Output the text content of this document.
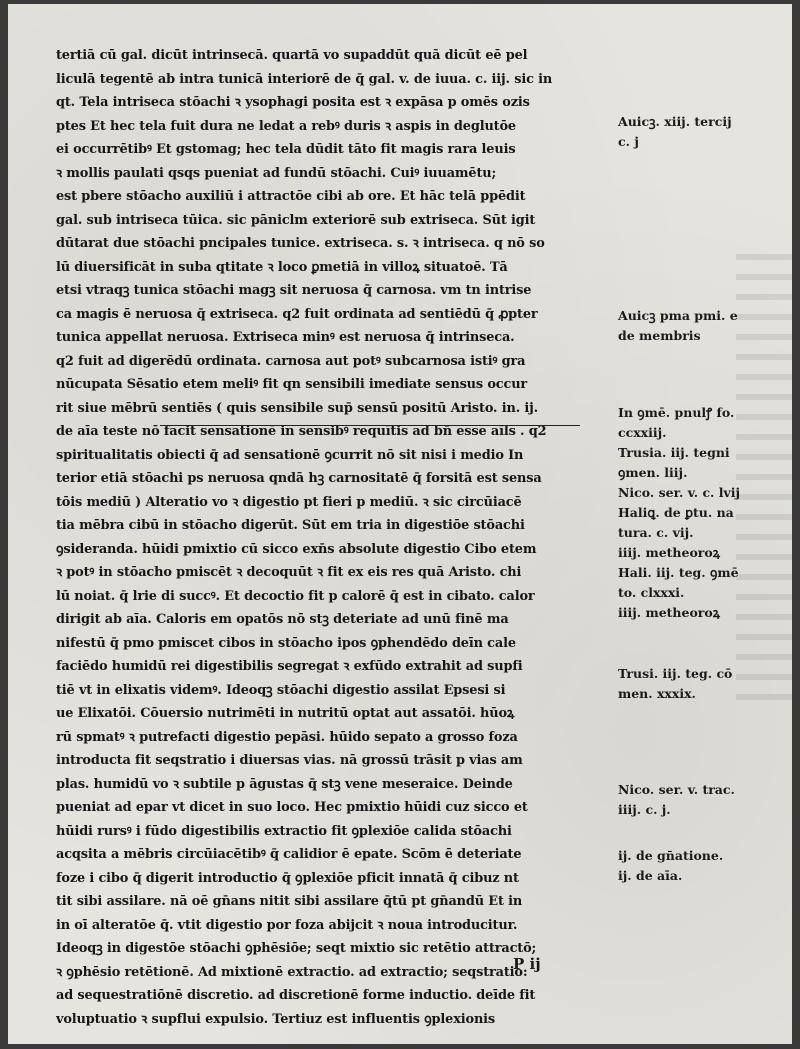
tertiā cū gal. dicūt intrinsecā. quartā vo supaddūt quā dicūt eē pel
liculā tegentē ab intra tunicā interiorē de q̄ gal. v. de iuua. c. iij. sic in
qt. Tela intriseca stōachi ꝛ ysophagi posita est ꝛ expāsa p omēs ozis
ptes Et hec tela fuit dura ne ledat a rebꝰ duris ꝛ aspis in deglutōe
ei occurrētibꝰ Et gstomag; hec tela dūdit tāto fit magis rara leuis
ꝛ mollis paulati qsqs pueniat ad fundū stōachi. Cuiꝰ iuuamētu;
est pbere stōacho auxiliū i attractōe cibi ab ore. Et hāc telā ppēdit
gal. sub intriseca tūica. sic pāniclm exteriorē sub extriseca. Sūt igit
dūtarat due stōachi pncipales tunice. extriseca. s. ꝛ intriseca. q nō so
lū diuersificāt in suba qtitate ꝛ loco ꝑmetiā in villoꝝ situatoē. Tā
etsi vtraqꝫ tunica stōachi magꝫ sit neruosa q̄ carnosa. vm tn intrise
ca magis ē neruosa q̄ extriseca. q2 fuit ordinata ad sentiēdū q̄ ꝓpter
tunica appellat neruosa. Extriseca minꝰ est neruosa q̄ intrinseca.
q2 fuit ad digerēdū ordinata. carnosa aut potꝰ subcarnosa istiꝰ gra
nūcupata Sēsatio etem meliꝰ fit qn sensibili imediate sensus occur
rit siue mēbrū sentiēs ( quis sensibile sup̄ sensū positū Aristo. in. ij.
de aīa teste nō facit sensationē in sensibꝰ requītis ad bn̄ esse aīls . q2
spiritualitatis obiecti q̄ ad sensationē ꝯcurrit nō sit nisi i medio In
terior etiā stōachi ps neruosa qndā hꝫ carnositatē q̄ forsitā est sensa
tōis mediū ) Alteratio vo ꝛ digestio pt fieri p mediū. ꝛ sic circūiacē
tia mēbra cibū in stōacho digerūt. Sūt em tria in digestiōe stōachi
ꝯsideranda. hūidi pmixtio cū sicco exn̄s absolute digestio Cibo etem
ꝛ potꝰ in stōacho pmiscēt ꝛ decoquūt ꝛ fit ex eis res quā Aristo. chi
lū noiat. q̄ lrie di succꝰ. Et decoctio fit p calorē q̄ est in cibato. calor
dirigit ab aīa. Caloris em opatōs nō stꝫ deteriate ad unū finē ma
nifestū q̄ pmo pmiscet cibos in stōacho ipos ꝯphendēdo deīn cale
faciēdo humidū rei digestibilis segregat ꝛ exfūdo extrahit ad supfi
tiē vt in elixatis videmꝰ. Ideoqꝫ stōachi digestio assilat Epsesi si
ue Elixatōi. Cōuersio nutrimēti in nutritū optat aut assatōi. hūoꝝ
rū spmatꝰ ꝛ putrefacti digestio pepāsi. hūido sepato a grosso foza
introducta fit seqstratio i diuersas vias. nā grossū trāsit p vias am
plas. humidū vo ꝛ subtile p āgustas q̄ stꝫ vene meseraice. Deinde
pueniat ad epar vt dicet in suo loco. Hec pmixtio hūidi cuz sicco et
hūidi rursꝰ i fūdo digestibilis extractio fit ꝯplexiōe calida stōachi
acqsita a mēbris circūiacētibꝰ q̄ calidior ē epate. Scōm ē deteriate
foze i cibo q̄ digerit introductio q̄ ꝯplexiōe pficit innatā q̄ cibuz nt
tit sibi assilare. nā oē gn̄ans nitit sibi assilare q̄tū pt gn̄andū Et in
in oī alteratōe q̄. vtit digestio por foza abijcit ꝛ noua introducitur.
Ideoqꝫ in digestōe stōachi ꝯphēsiōe; seqt mixtio sic retētio attractō;
ꝛ ꝯphēsio retētionē. Ad mixtionē extractio. ad extractio; seqstratio:
ad sequestratiōnē discretio. ad discretionē forme inductio. deīde fit
voluptuatio ꝛ supflui expulsio. Tertiuz est influentis ꝯplexionis
Auicꝫ. xiij. tercij
c. j
Auicꝫ pma pmi. e
de membris
In ꝯmē. pnulꝭ fo.
ccxxiij.
Trusia. iij. tegni
ꝯmen. liij.
Nico. ser. v. c. lvij
Haliꝗ. de ꝑtu. na
tura. c. vij.
iiij. metheoroꝝ
Hali. iij. teg. ꝯmē
to. clxxxi.
iiij. metheoroꝝ
Trusi. iij. teg. cō
men. xxxix.
Nico. ser. v. trac.
iiij. c. j.
ij. de gn̄atione.
ij. de aīa.
P ij
